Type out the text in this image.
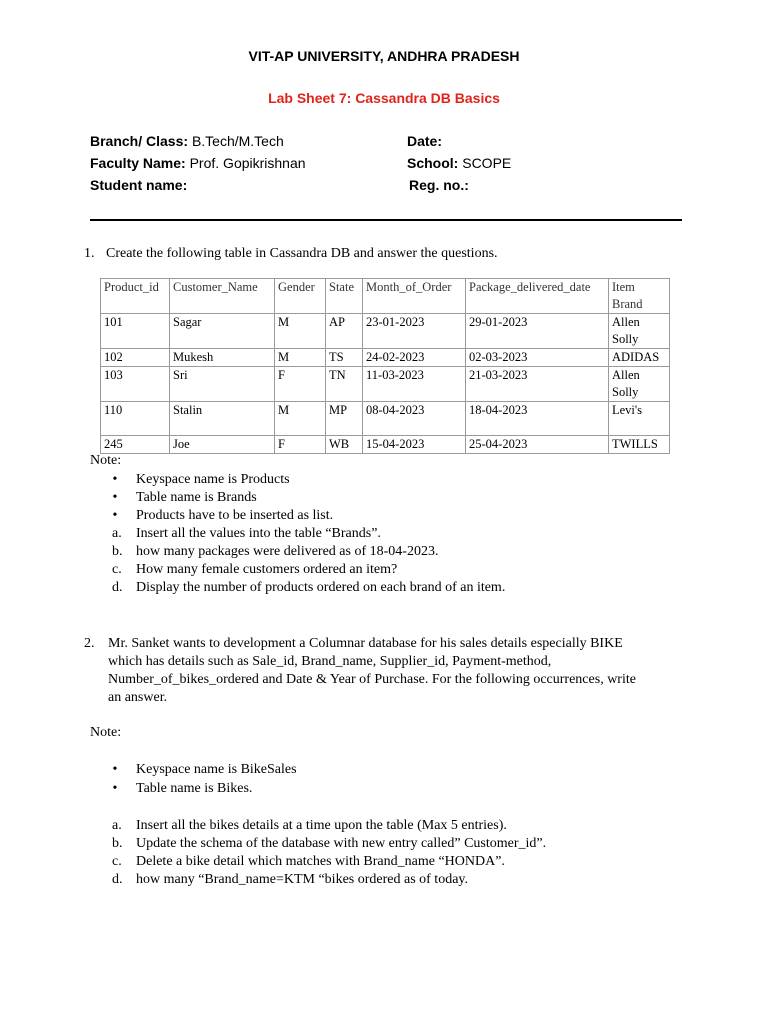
VIT-AP UNIVERSITY, ANDHRA PRADESH
Lab Sheet 7: Cassandra DB Basics
Branch/ Class: B.Tech/M.Tech	Date:
Faculty Name: Prof. Gopikrishnan	School: SCOPE
Student name:	Reg. no.:
1. Create the following table in Cassandra DB and answer the questions.
Product_id	Customer_Name	Gender	State	Month_of_Order	Package_delivered_date	Item Brand
101	Sagar	M	AP	23-01-2023	29-01-2023	Allen Solly
102	Mukesh	M	TS	24-02-2023	02-03-2023	ADIDAS
103	Sri	F	TN	11-03-2023	21-03-2023	Allen Solly
110	Stalin	M	MP	08-04-2023	18-04-2023	Levi's
245	Joe	F	WB	15-04-2023	25-04-2023	TWILLS
Note:
•	Keyspace name is Products
•	Table name is Brands
•	Products have to be inserted as list.
a. Insert all the values into the table “Brands”.
b. how many packages were delivered as of 18-04-2023.
c. How many female customers ordered an item?
d. Display the number of products ordered on each brand of an item.
2. Mr. Sanket wants to development a Columnar database for his sales details especially BIKE
which has details such as Sale_id, Brand_name, Supplier_id, Payment-method,
Number_of_bikes_ordered and Date & Year of Purchase. For the following occurrences, write
an answer.
Note:
•	Keyspace name is BikeSales
•	Table name is Bikes.
a. Insert all the bikes details at a time upon the table (Max 5 entries).
b. Update the schema of the database with new entry called” Customer_id”.
c. Delete a bike detail which matches with Brand_name “HONDA”.
d. how many “Brand_name=KTM “bikes ordered as of today.
